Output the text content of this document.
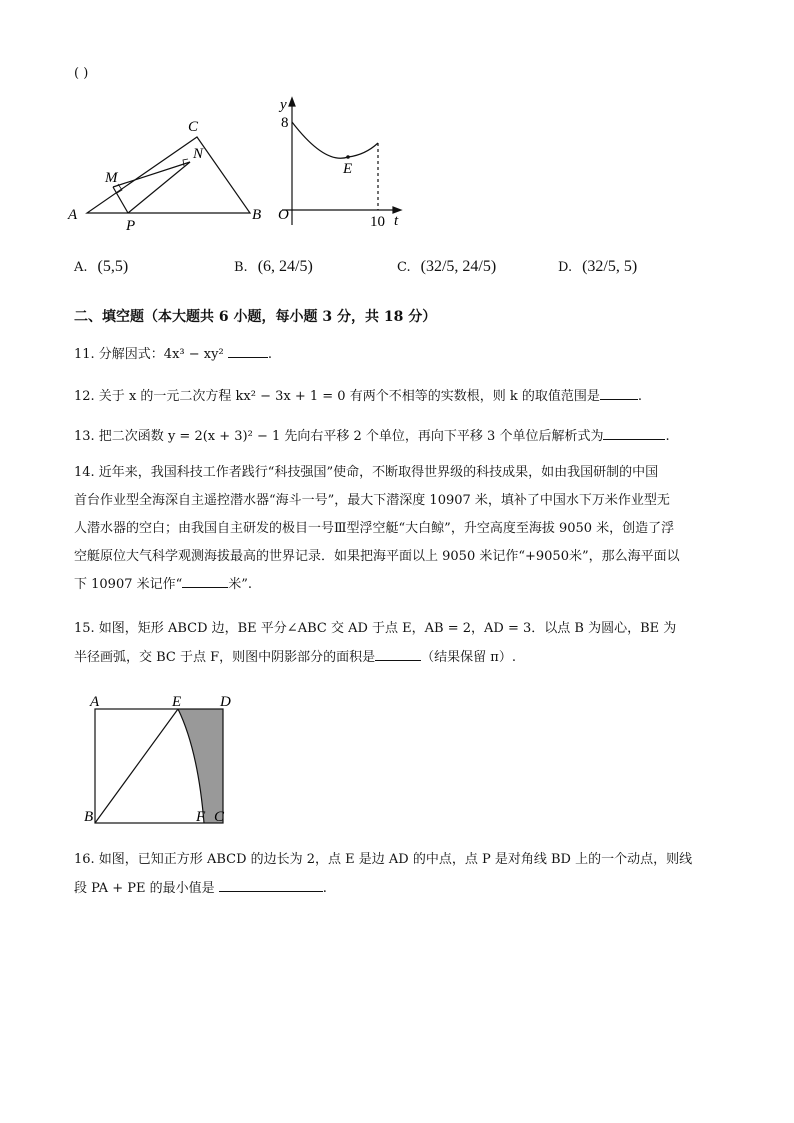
( )
A	B
C
M
N
P
y
t
O
8
10
E
A. (5,5)	B. (6, 24/5)	C. (32/5, 24/5)	D. (32/5, 5)
二、填空题（本大题共 6 小题，每小题 3 分，共 18 分）
11. 分解因式：4x³ − xy²	.
12. 关于 x 的一元二次方程 kx² − 3x + 1 = 0 有两个不相等的实数根，则 k 的取值范围是	.
13. 把二次函数 y = 2(x + 3)² − 1 先向右平移 2 个单位，再向下平移 3 个单位后解析式为	.
14. 近年来，我国科技工作者践行“科技强国”使命，不断取得世界级的科技成果，如由我国研制的中国
首台作业型全海深自主遥控潜水器“海斗一号”，最大下潜深度 10907 米，填补了中国水下万米作业型无
人潜水器的空白；由我国自主研发的极目一号Ⅲ型浮空艇“大白鲸”，升空高度至海拔 9050 米，创造了浮
空艇原位大气科学观测海拔最高的世界记录．如果把海平面以上 9050 米记作“+9050米”，那么海平面以
下 10907 米记作“	米”.
15. 如图，矩形 ABCD 边，BE 平分∠ABC 交 AD 于点 E，AB = 2，AD = 3．以点 B 为圆心，BE 为
半径画弧，交 BC 于点 F，则图中阴影部分的面积是	（结果保留 π）.
A	E	D
B	F C
16. 如图，已知正方形 ABCD 的边长为 2，点 E 是边 AD 的中点，点 P 是对角线 BD 上的一个动点，则线
段 PA + PE 的最小值是	.
